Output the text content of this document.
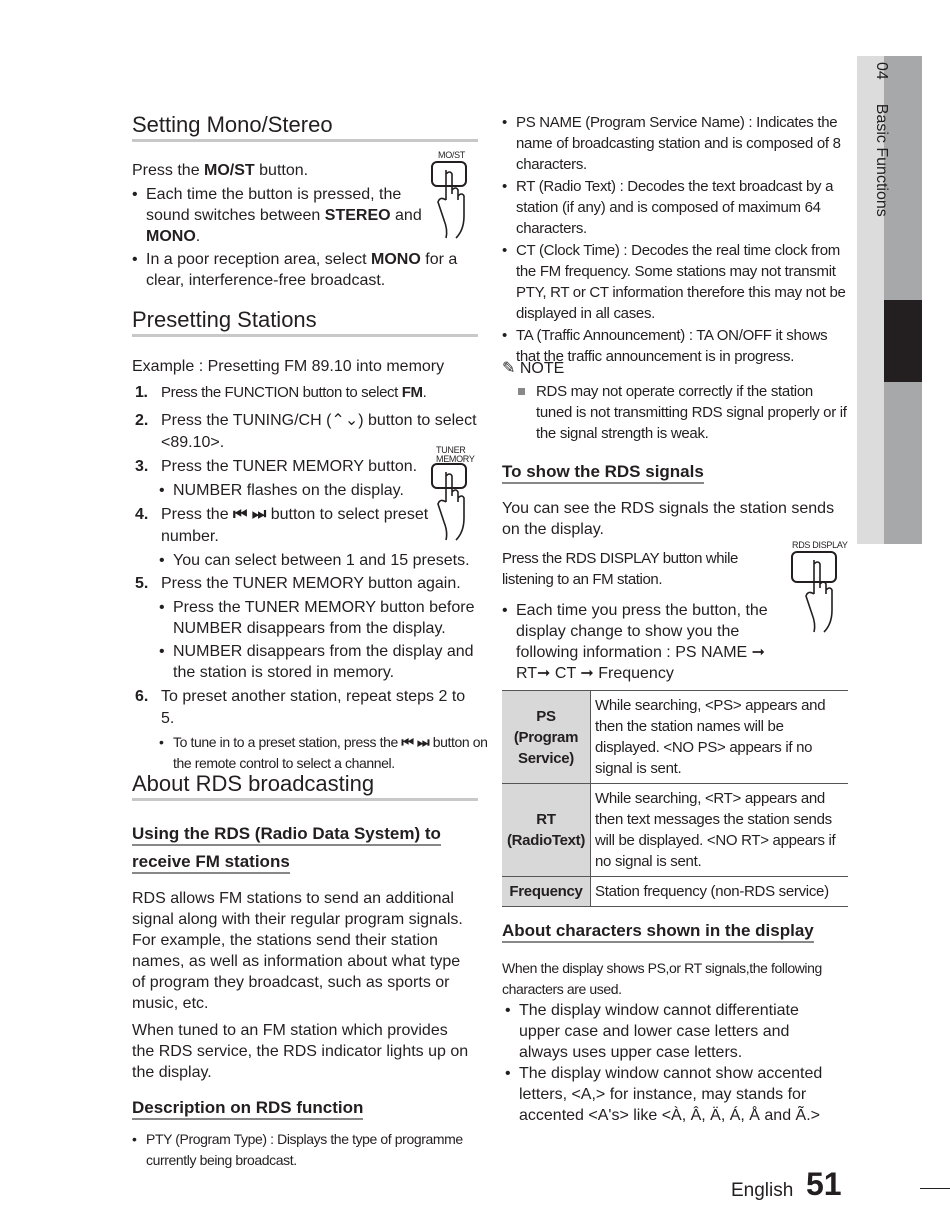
04Basic Functions
Setting Mono/Stereo
Press the MO/ST button.
MO/ST
• Each time the button is pressed, the sound switches between STEREO and MONO.
• In a poor reception area, select MONO for a clear, interference-free broadcast.
Presetting Stations
Example : Presetting FM 89.10 into memory
TUNER
MEMORY
1. Press the FUNCTION button to select FM.
2. Press the TUNING/CH (⌃⌄) button to select <89.10>.
3. Press the TUNER MEMORY button.
• NUMBER flashes on the display.
4. Press the ⏮ ⏭ button to select preset number.
• You can select between 1 and 15 presets.
5. Press the TUNER MEMORY button again.
• Press the TUNER MEMORY button before NUMBER disappears from the display.
• NUMBER disappears from the display and the station is stored in memory.
6. To preset another station, repeat steps 2 to 5.
• To tune in to a preset station, press the ⏮ ⏭ button on the remote control to select a channel.
About RDS broadcasting
Using the RDS (Radio Data System) to
receive FM stations
RDS allows FM stations to send an additional signal along with their regular program signals. For example, the stations send their station names, as well as information about what type of program they broadcast, such as sports or music, etc.
When tuned to an FM station which provides the RDS service, the RDS indicator lights up on the display.
Description on RDS function
• PTY (Program Type) : Displays the type of programme currently being broadcast.
• PS NAME (Program Service Name) : Indicates the name of broadcasting station and is composed of 8 characters.
• RT (Radio Text) : Decodes the text broadcast by a station (if any) and is composed of maximum 64 characters.
• CT (Clock Time) : Decodes the real time clock from the FM frequency. Some stations may not transmit PTY, RT or CT information therefore this may not be displayed in all cases.
• TA (Traffic Announcement) : TA ON/OFF it shows that the traffic announcement is in progress.
✎ NOTE
RDS may not operate correctly if the station tuned is not transmitting RDS signal properly or if the signal strength is weak.
To show the RDS signals
You can see the RDS signals the station sends on the display.
Press the RDS DISPLAY button while listening to an FM station.
RDS DISPLAY
• Each time you press the button, the display change to show you the following information : PS NAME ➞ RT➞ CT ➞ Frequency
PS (Program Service)	While searching, <PS> appears and then the station names will be displayed. <NO PS> appears if no signal is sent.
RT (RadioText)	While searching, <RT> appears and then text messages the station sends will be displayed. <NO RT> appears if no signal is sent.
Frequency	Station frequency (non-RDS service)
About characters shown in the display
When the display shows PS,or RT signals,the following characters are used.
• The display window cannot differentiate upper case and lower case letters and always uses upper case letters.
• The display window cannot show accented letters, <A,> for instance, may stands for accented <A's> like <À, Â, Ä, Á, Å and Ã.>
English 51
